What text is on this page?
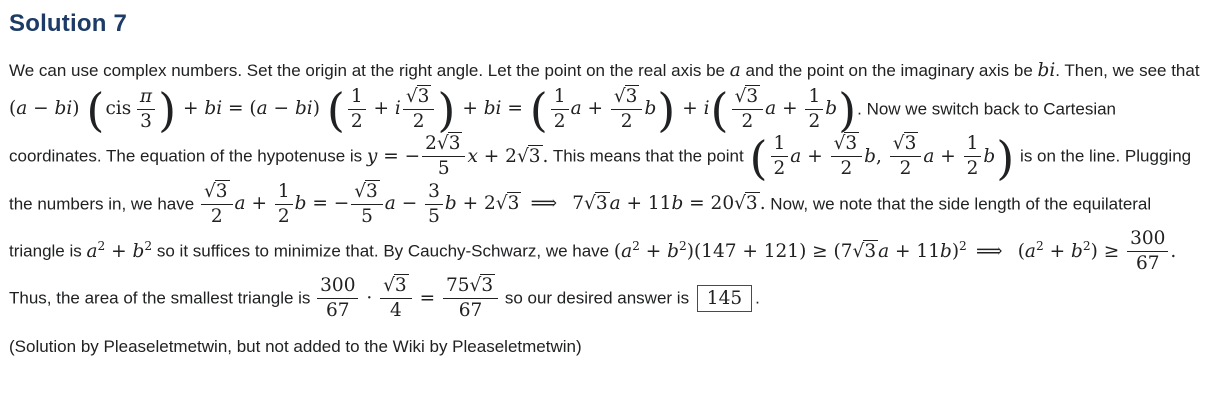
Solution 7
We can use complex numbers. Set the origin at the right angle. Let the point on the real axis be a and the point on the imaginary axis be bi. Then, we see that (a − bi) ($cis \frac{\pi}{3}$ ) + bi = (a − bi) ( $\frac{1}{2} + i \frac{√3}{2}$ ) + bi = ( $\frac{1}{2}$ $a + \frac{√3}{2} b) + i( \frac{√3}{2}$ $a + \frac{1}{2} b$). Now we switch back to Cartesian coordinates. The equation of the hypotenuse is y = − $\frac{2√3}{5}$ x + 2√3 . This means that the point ( $\frac{1}{2}$ $a + \frac{√3}{2} b$, $\frac{√3}{2}$ $a + \frac{1}{2} b$) is on the line. Plugging the numbers in, we have $\frac{√3}{2}$ $a + \frac{1}{2}$ b = − $\frac{√3}{5}$ $a - \frac{3}{5}$ b + 2√3 ⟹  7√3 a + 11b = 20√3 . Now, we note that the side length of the equilateral triangle is $a^2 + b^2$ so it suffices to minimize that. By Cauchy-Schwarz, we have $(a^2 + b^2)(147 + 121) \ge (7√3$ a + 11b)$^2$ ⟹  $(a^2 + b^2) \ge \frac{300}{67}$ . Thus, the area of the smallest triangle is $\frac{300}{67} \cdot \frac{√3}{4} = \frac{75√3}{67}$ so our desired answer is 145 .

(Solution by Pleaseletmetwin, but not added to the Wiki by Pleaseletmetwin)
